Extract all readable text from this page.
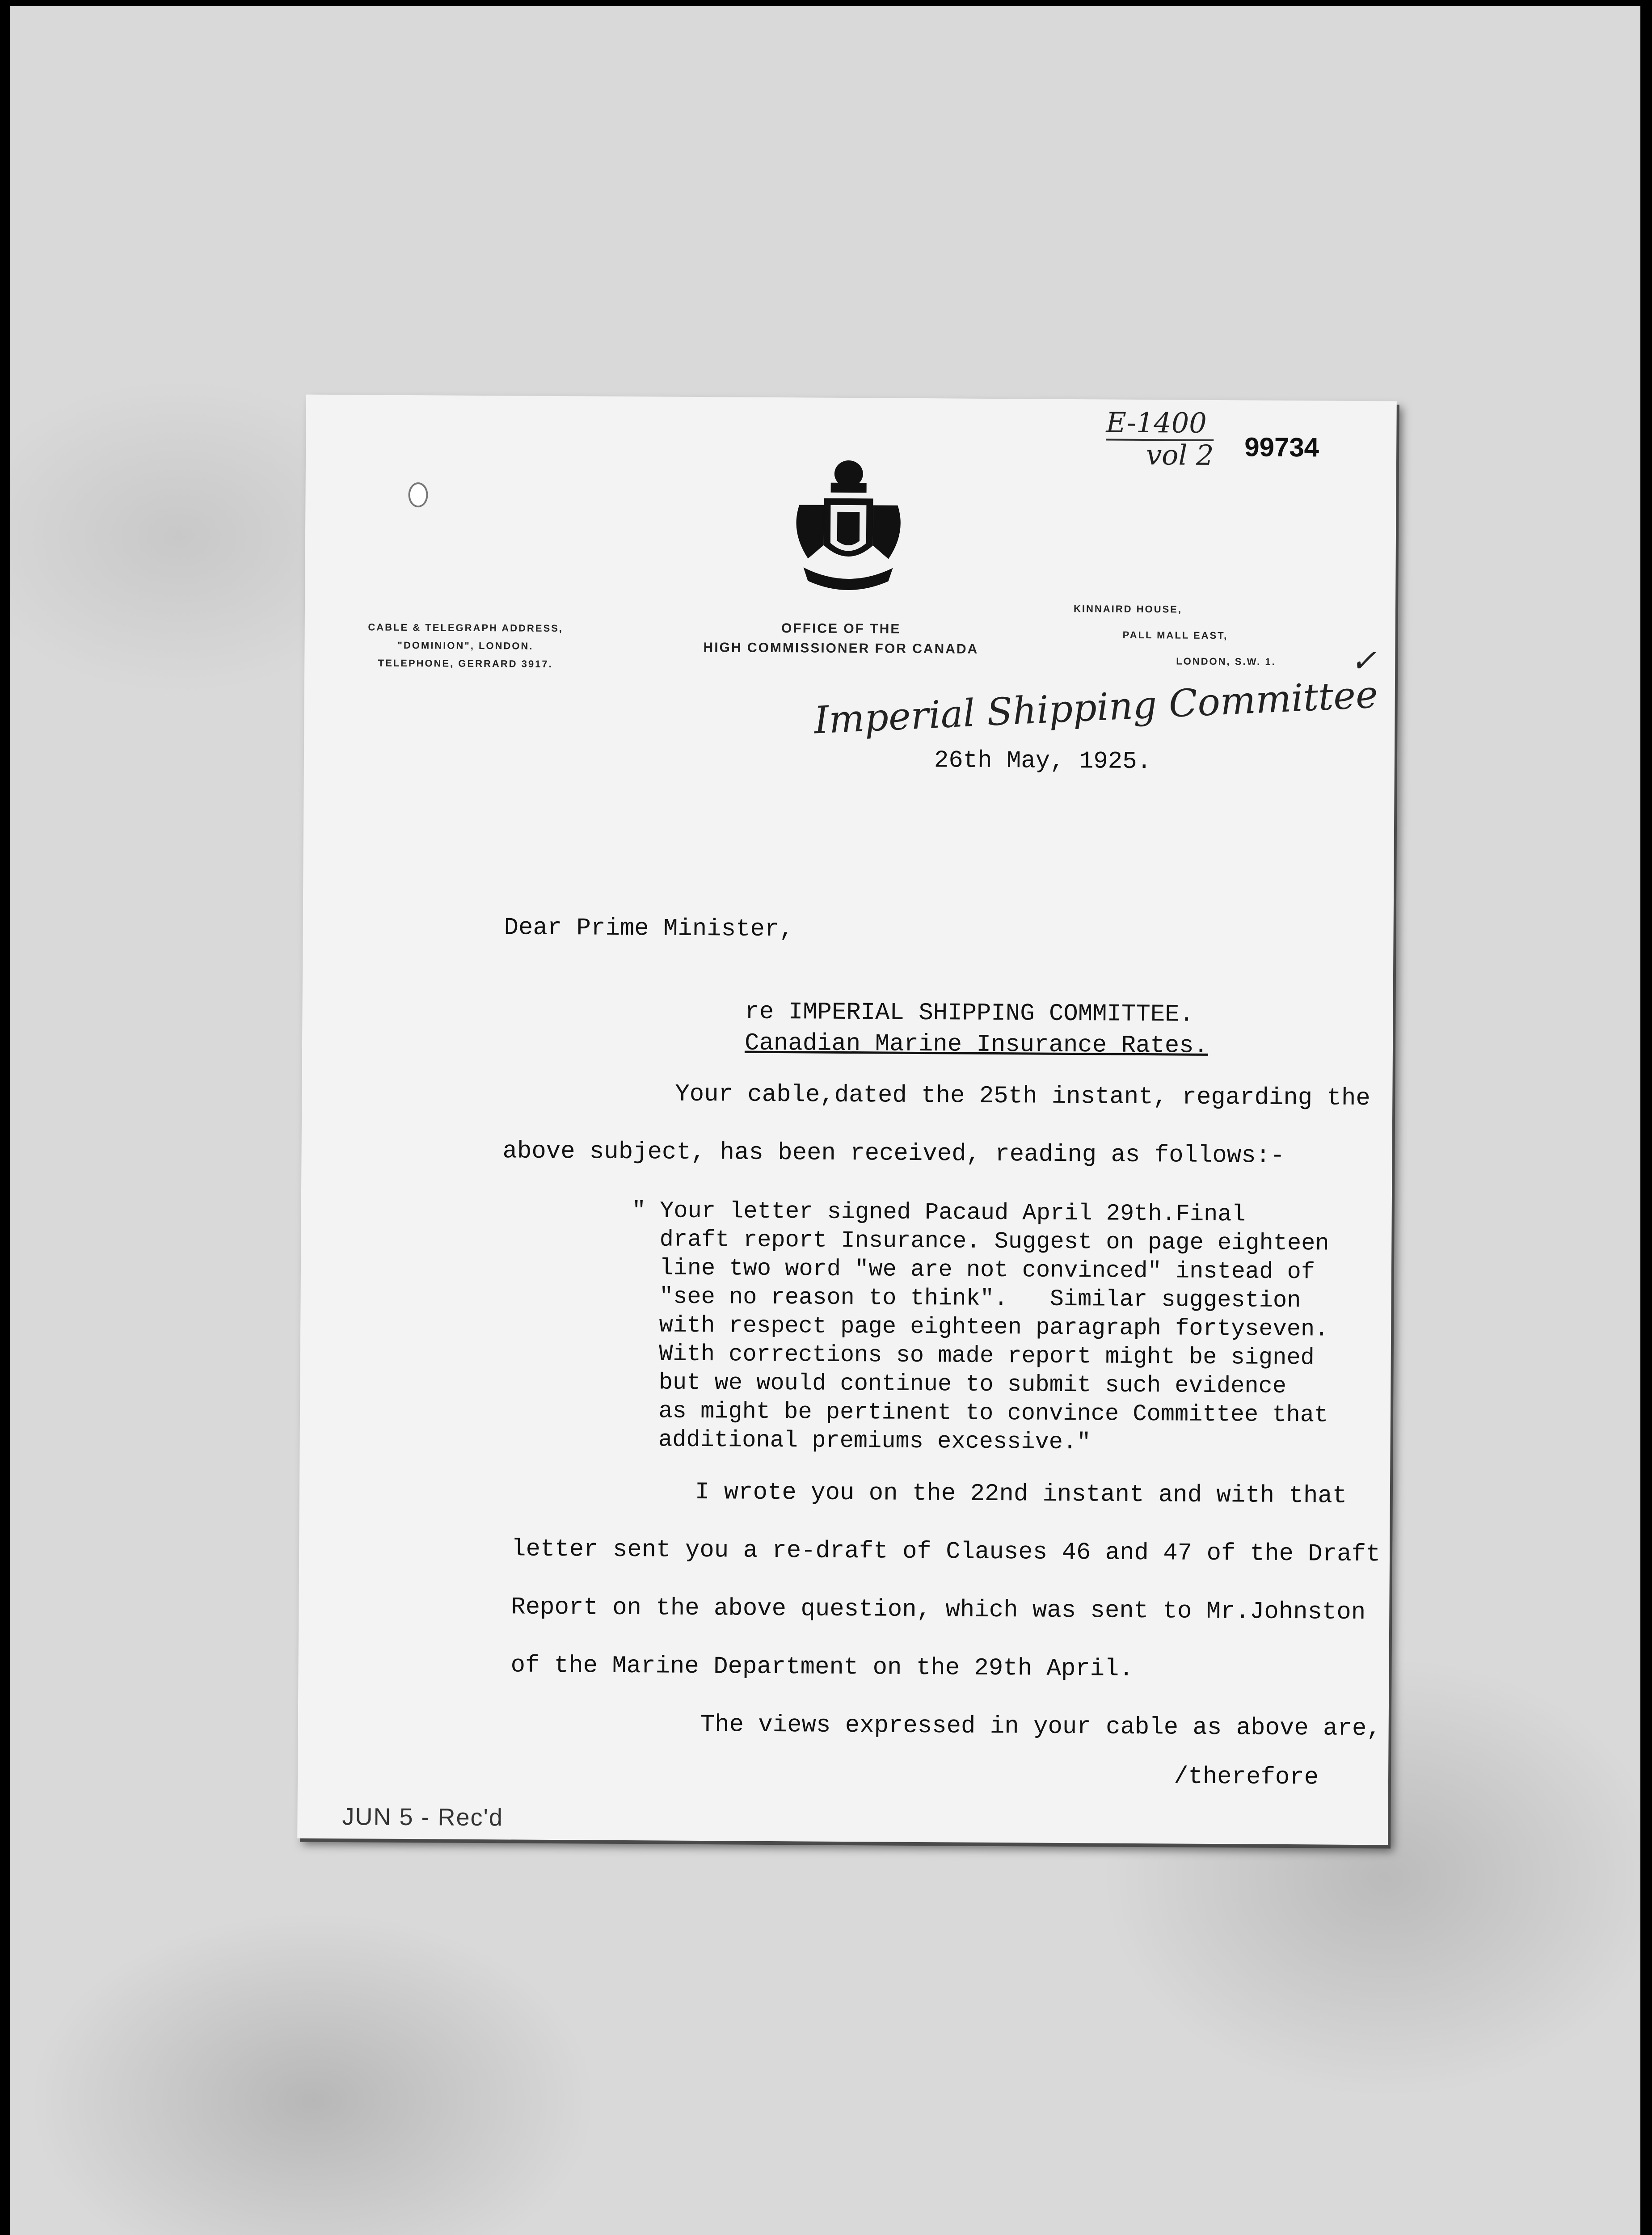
E-1400
vol 2 99734
CABLE & TELEGRAPH ADDRESS,
"DOMINION", LONDON.
TELEPHONE, GERRARD 3917.
OFFICE OF THE
HIGH COMMISSIONER FOR CANADA
KINNAIRD HOUSE,
PALL MALL EAST,
LONDON, S.W. 1.	✓
Imperial Shipping Committee
26th May, 1925.
Dear Prime Minister,
re IMPERIAL SHIPPING COMMITTEE.
Canadian Marine Insurance Rates.
Your cable,dated the 25th instant, regarding the
above subject, has been received, reading as follows:-
" Your letter signed Pacaud April 29th.Final
draft report Insurance. Suggest on page eighteen
line two word "we are not convinced" instead of
"see no reason to think".   Similar suggestion
with respect page eighteen paragraph fortyseven.
With corrections so made report might be signed
but we would continue to submit such evidence
as might be pertinent to convince Committee that
additional premiums excessive."
I wrote you on the 22nd instant and with that
letter sent you a re-draft of Clauses 46 and 47 of the Draft
Report on the above question, which was sent to Mr.Johnston
of the Marine Department on the 29th April.
The views expressed in your cable as above are,
/therefore
JUN 5 - Rec'd
